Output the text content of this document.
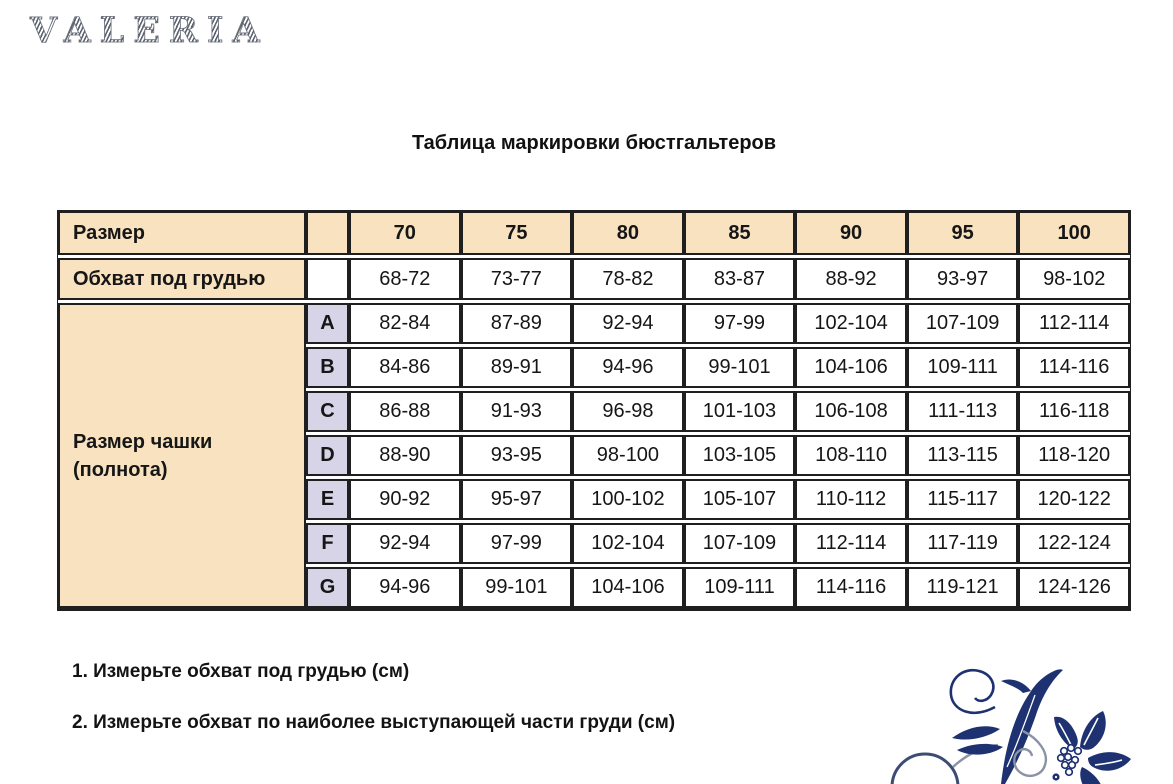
VALERIA
Таблица маркировки бюстгальтеров
Размер	70	75	80	85	90	95	100
Обхват под грудью	68-72	73-77	78-82	83-87	88-92	93-97	98-102
Размер чашки
(полнота)
A	82-84	87-89	92-94	97-99	102-104	107-109	112-114
B	84-86	89-91	94-96	99-101	104-106	109-111	114-116
C	86-88	91-93	96-98	101-103	106-108	111-113	116-118
D	88-90	93-95	98-100	103-105	108-110	113-115	118-120
E	90-92	95-97	100-102	105-107	110-112	115-117	120-122
F	92-94	97-99	102-104	107-109	112-114	117-119	122-124
G	94-96	99-101	104-106	109-111	114-116	119-121	124-126
1. Измерьте обхват под грудью (см)
2. Измерьте обхват по наиболее выступающей части груди (см)
